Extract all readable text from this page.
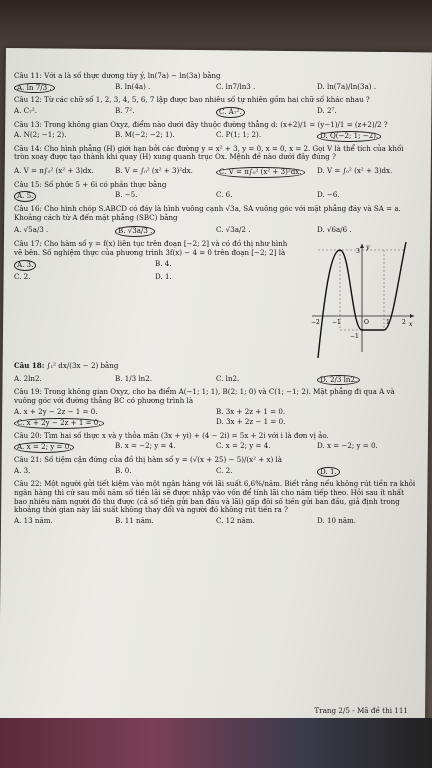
Câu 11: Với a là số thực dương tùy ý, ln(7a) − ln(3a) bằng
A. ln 7/3 .	B. ln(4a) .	C. ln7/ln3 .	D. ln(7a)/ln(3a) .
Câu 12: Từ các chữ số 1, 2, 3, 4, 5, 6, 7 lập được bao nhiêu số tự nhiên gồm hai chữ số khác nhau ?
A. C₇².	B. 7².	C. A₇².	D. 2⁷.
Câu 13: Trong không gian Oxyz, điểm nào dưới đây thuộc đường thẳng d: (x+2)/1 = (y−1)/1 = (z+2)/2 ?
A. N(2; −1; 2).	B. M(−2; −2; 1).	C. P(1; 1; 2).	D. Q(−2; 1; −2).
Câu 14: Cho hình phẳng (H) giới hạn bởi các đường y = x² + 3, y = 0, x = 0, x = 2. Gọi V là thể tích của khối tròn xoay được tạo thành khi quay (H) xung quanh trục Ox. Mệnh đề nào dưới đây đúng ?
A. V = π∫₀² (x² + 3)dx.	B. V = ∫₀² (x² + 3)²dx.	C. V = π∫₀² (x² + 3)²dx.	D. V = ∫₀² (x² + 3)dx.
Câu 15: Số phức 5 + 6i có phần thực bằng
A. 5.	B. −5.	C. 6.	D. −6.
Câu 16: Cho hình chóp S.ABCD có đáy là hình vuông cạnh √3a, SA vuông góc với mặt phẳng đáy và SA = a. Khoảng cách từ A đến mặt phẳng (SBC) bằng
A. √5a/3 .	B. √3a/3 .	C. √3a/2 .	D. √6a/6 .
Câu 17: Cho hàm số y = f(x) liên tục trên đoạn [−2; 2] và có đồ thị như hình vẽ bên. Số nghiệm thực của phương trình 3f(x) − 4 = 0 trên đoạn [−2; 2] là
A. 3.	B. 4.
C. 2.	D. 1.
y
x
O
−2 −1	1 2
3
−1
Câu 18: ∫₁² dx/(3x − 2) bằng
A. 2ln2.	B. 1/3 ln2.	C. ln2.	D. 2/3 ln2.
Câu 19: Trong không gian Oxyz, cho ba điểm A(−1; 1; 1), B(2; 1; 0) và C(1; −1; 2). Mặt phẳng đi qua A và vuông góc với đường thẳng BC có phương trình là
A. x + 2y − 2z − 1 = 0.	B. 3x + 2z + 1 = 0.
C. x + 2y − 2z + 1 = 0.	D. 3x + 2z − 1 = 0.
Câu 20: Tìm hai số thực x và y thỏa mãn (3x + yi) + (4 − 2i) = 5x + 2i với i là đơn vị ảo.
A. x = 2; y = 0.	B. x = −2; y = 4.	C. x = 2; y = 4.	D. x = −2; y = 0.
Câu 21: Số tiệm cận đứng của đồ thị hàm số y = (√(x + 25) − 5)/(x² + x) là
A. 3.	B. 0.	C. 2.	D. 1.
Câu 22: Một người gửi tiết kiệm vào một ngân hàng với lãi suất 6,6%/năm. Biết rằng nếu không rút tiền ra khỏi ngân hàng thì cứ sau mỗi năm số tiền lãi sẽ được nhập vào vốn để tính lãi cho năm tiếp theo. Hỏi sau ít nhất bao nhiêu năm người đó thu được (cả số tiền gửi ban đầu và lãi) gấp đôi số tiền gửi ban đầu, giả định trong khoảng thời gian này lãi suất không thay đổi và người đó không rút tiền ra ?
A. 13 năm.	B. 11 năm.	C. 12 năm.	D. 10 năm.
Trang 2/5 - Mã đề thi 111
